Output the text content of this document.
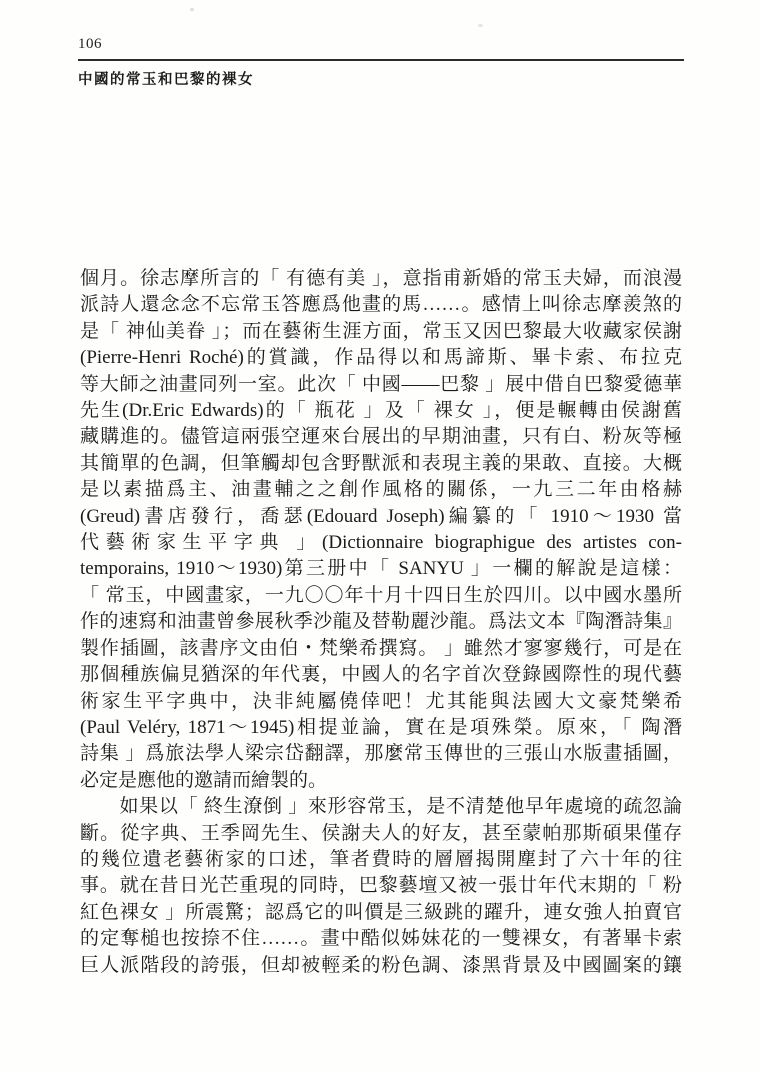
106
中國的常玉和巴黎的裸女
個月。徐志摩所言的「 有德有美 」，意指甫新婚的常玉夫婦，而浪漫
派詩人還念念不忘常玉答應爲他畫的馬……。感情上叫徐志摩羨煞的
是「 神仙美眷 」；而在藝術生涯方面，常玉又因巴黎最大收藏家侯謝
(Pierre-Henri Roché)的賞識，作品得以和馬諦斯、畢卡索、布拉克
等大師之油畫同列一室。此次「 中國——巴黎 」展中借自巴黎愛德華
先生(Dr.Eric Edwards)的「 瓶花 」及「 裸女 」，便是輾轉由侯謝舊
藏購進的。儘管這兩張空運來台展出的早期油畫，只有白、粉灰等極
其簡單的色調，但筆觸却包含野獸派和表現主義的果敢、直接。大概
是以素描爲主、油畫輔之之創作風格的關係，一九三二年由格赫
(Greud)書店發行，喬瑟(Edouard Joseph)編纂的「 1910～1930 當
代藝術家生平字典 」(Dictionnaire biographigue des artistes con-
temporains, 1910～1930)第三册中「 SANYU 」一欄的解說是這樣：
「 常玉，中國畫家，一九〇〇年十月十四日生於四川。以中國水墨所
作的速寫和油畫曾參展秋季沙龍及替勒麗沙龍。爲法文本『陶潛詩集』
製作插圖，該書序文由伯・梵樂希撰寫。 」雖然才寥寥幾行，可是在
那個種族偏見猶深的年代裏，中國人的名字首次登錄國際性的現代藝
術家生平字典中，決非純屬僥倖吧！尤其能與法國大文豪梵樂希
(Paul Veléry, 1871～1945)相提並論，實在是項殊榮。原來，「 陶潛
詩集 」爲旅法學人梁宗岱翻譯，那麼常玉傳世的三張山水版畫插圖，
必定是應他的邀請而繪製的。
　　如果以「 終生潦倒 」來形容常玉，是不清楚他早年處境的疏忽論
斷。從字典、王季岡先生、侯謝夫人的好友，甚至蒙帕那斯碩果僅存
的幾位遺老藝術家的口述，筆者費時的層層揭開塵封了六十年的往
事。就在昔日光芒重現的同時，巴黎藝壇又被一張廿年代末期的「 粉
紅色裸女 」所震驚；認爲它的叫價是三級跳的躍升，連女強人拍賣官
的定奪槌也按捺不住……。畫中酷似姊妹花的一雙裸女，有著畢卡索
巨人派階段的誇張，但却被輕柔的粉色調、漆黑背景及中國圖案的鑲
